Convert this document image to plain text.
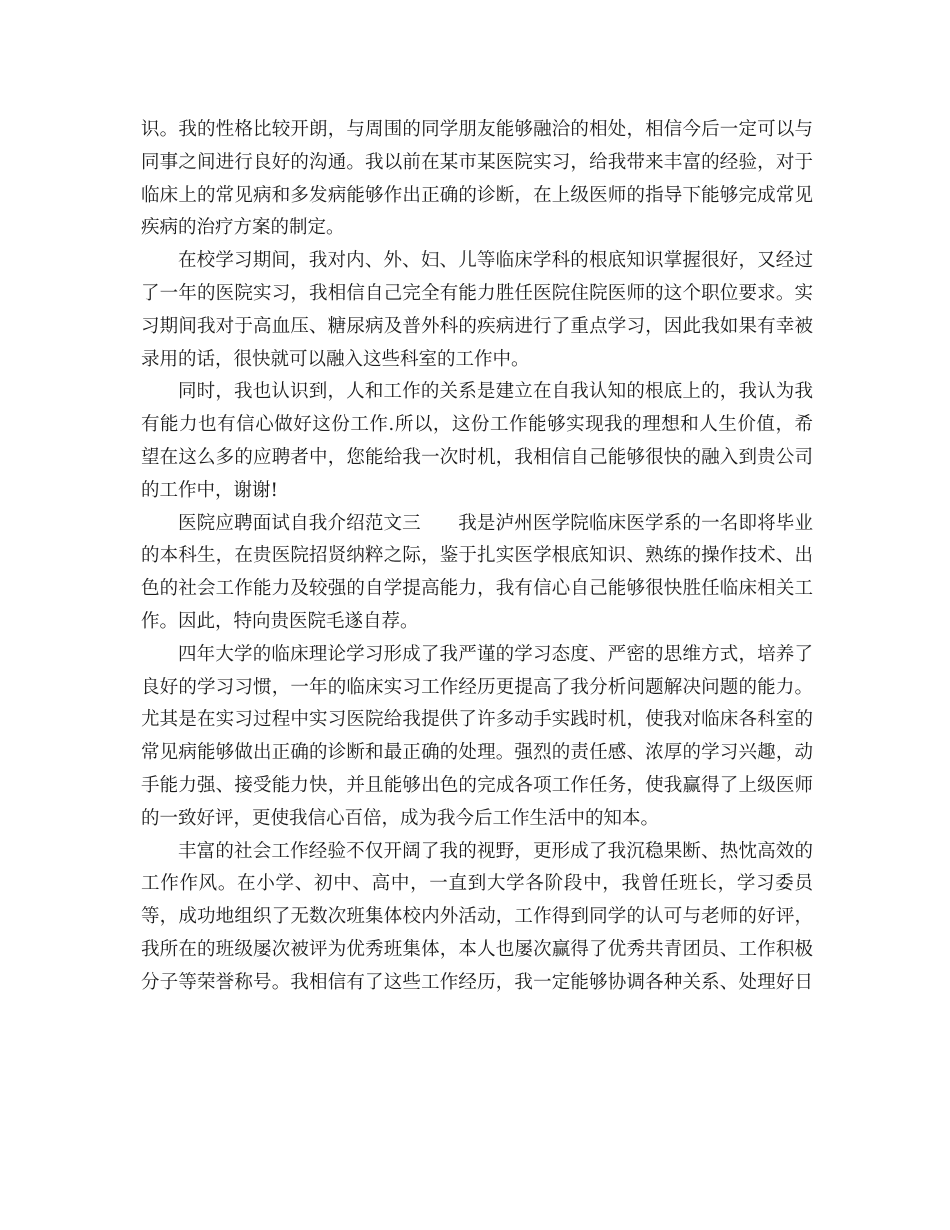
识。我的性格比较开朗，与周围的同学朋友能够融洽的相处，相信今后一定可以与
同事之间进行良好的沟通。我以前在某市某医院实习，给我带来丰富的经验，对于
临床上的常见病和多发病能够作出正确的诊断，在上级医师的指导下能够完成常见
疾病的治疗方案的制定。
在校学习期间，我对内、外、妇、儿等临床学科的根底知识掌握很好，又经过
了一年的医院实习，我相信自己完全有能力胜任医院住院医师的这个职位要求。实
习期间我对于高血压、糖尿病及普外科的疾病进行了重点学习，因此我如果有幸被
录用的话，很快就可以融入这些科室的工作中。
同时，我也认识到，人和工作的关系是建立在自我认知的根底上的，我认为我
有能力也有信心做好这份工作.所以，这份工作能够实现我的理想和人生价值，希
望在这么多的应聘者中，您能给我一次时机，我相信自己能够很快的融入到贵公司
的工作中，谢谢!
医院应聘面试自我介绍范文三　　我是泸州医学院临床医学系的一名即将毕业
的本科生，在贵医院招贤纳粹之际，鉴于扎实医学根底知识、熟练的操作技术、出
色的社会工作能力及较强的自学提高能力，我有信心自己能够很快胜任临床相关工
作。因此，特向贵医院毛遂自荐。
四年大学的临床理论学习形成了我严谨的学习态度、严密的思维方式，培养了
良好的学习习惯，一年的临床实习工作经历更提高了我分析问题解决问题的能力。
尤其是在实习过程中实习医院给我提供了许多动手实践时机，使我对临床各科室的
常见病能够做出正确的诊断和最正确的处理。强烈的责任感、浓厚的学习兴趣，动
手能力强、接受能力快，并且能够出色的完成各项工作任务，使我赢得了上级医师
的一致好评，更使我信心百倍，成为我今后工作生活中的知本。
丰富的社会工作经验不仅开阔了我的视野，更形成了我沉稳果断、热忱高效的
工作作风。在小学、初中、高中，一直到大学各阶段中，我曾任班长，学习委员
等，成功地组织了无数次班集体校内外活动，工作得到同学的认可与老师的好评，
我所在的班级屡次被评为优秀班集体，本人也屡次赢得了优秀共青团员、工作积极
分子等荣誉称号。我相信有了这些工作经历，我一定能够协调各种关系、处理好日
